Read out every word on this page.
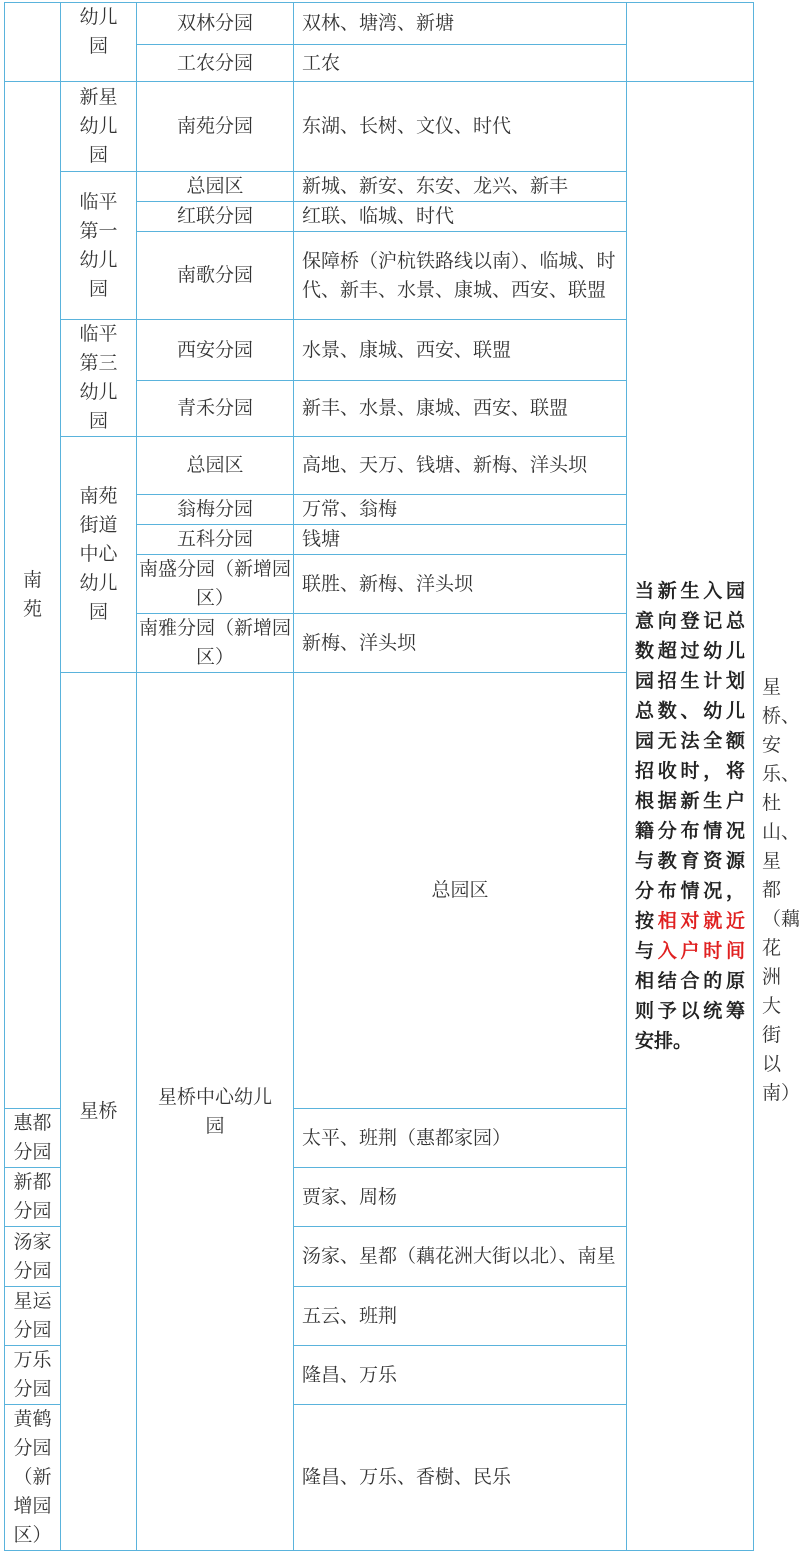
	幼儿园	双林分园	双林、塘湾、新塘		
		工农分园	工农		
南苑	新星幼儿园	南苑分园	东湖、长树、文仪、时代	当新生入园意向登记总数超过幼儿园招生计划总数、幼儿园无法全额招收时，将根据新生户籍分布情况与教育资源分布情况，按相对就近与入户时间相结合的原则予以统筹安排。	
	临平第一幼儿园	总园区	新城、新安、东安、龙兴、新丰		
		红联分园	红联、临城、时代		
		南歌分园	保障桥（沪杭铁路线以南）、临城、时代、新丰、水景、康城、西安、联盟		
	临平第三幼儿园	西安分园	水景、康城、西安、联盟		
		青禾分园	新丰、水景、康城、西安、联盟		
	南苑街道中心幼儿园	总园区	高地、天万、钱塘、新梅、洋头坝		
		翁梅分园	万常、翁梅		
		五科分园	钱塘		
		南盛分园（新增园区）	联胜、新梅、洋头坝		
		南雅分园（新增园区）	新梅、洋头坝		
	星桥	星桥中心幼儿园	总园区		星桥、安乐、杜山、星都（藕花洲大街以南）
惠都分园			太平、班荆（惠都家园）		
新都分园			贾家、周杨		
汤家分园			汤家、星都（藕花洲大街以北）、南星		
星运分园			五云、班荆		
万乐分园			隆昌、万乐		
黄鹤分园（新增园区）			隆昌、万乐、香樹、民乐		
